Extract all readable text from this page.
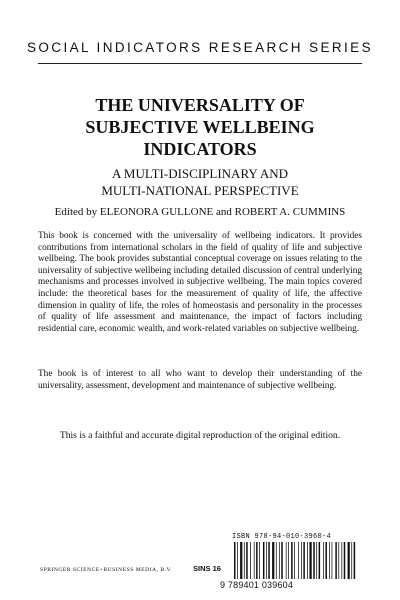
SOCIAL INDICATORS RESEARCH SERIES
THE UNIVERSALITY OF
SUBJECTIVE WELLBEING
INDICATORS
A MULTI-DISCIPLINARY AND
MULTI-NATIONAL PERSPECTIVE
Edited by ELEONORA GULLONE and ROBERT A. CUMMINS

This book is concerned with the universality of wellbeing indicators. It provides contributions from international scholars in the field of quality of life and subjective wellbeing. The book provides substantial conceptual coverage on issues relating to the universality of subjective wellbeing including detailed discussion of central underlying mechanisms and processes involved in subjective wellbeing. The main topics covered include: the theoretical bases for the measurement of quality of life, the affective dimension in quality of life, the roles of homeostasis and personality in the processes of quality of life assessment and maintenance, the impact of factors including residential care, economic wealth, and work-related variables on subjective wellbeing.

The book is of interest to all who want to develop their understanding of the universality, assessment, development and maintenance of subjective wellbeing.

This is a faithful and accurate digital reproduction of the original edition.

ISBN 978-94-010-3960-4
SPRINGER SCIENCE+BUSINESS MEDIA, B.V.	SINS 16
9 789401 039604
